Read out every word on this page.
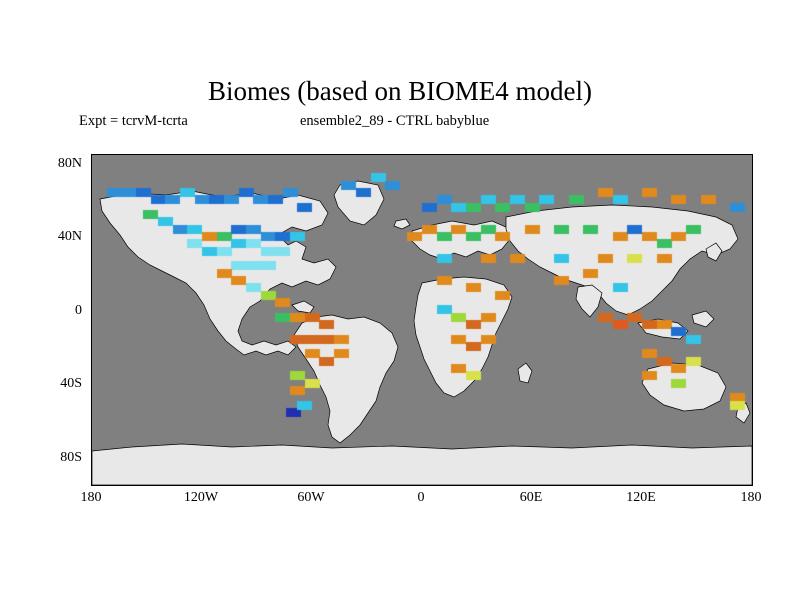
Biomes (based on BIOME4 model)
Expt = tcrvM-tcrta	ensemble2_89 - CTRL babyblue
80N
40N
0
40S
80S
180	120W	60W	0	60E	120E	180
